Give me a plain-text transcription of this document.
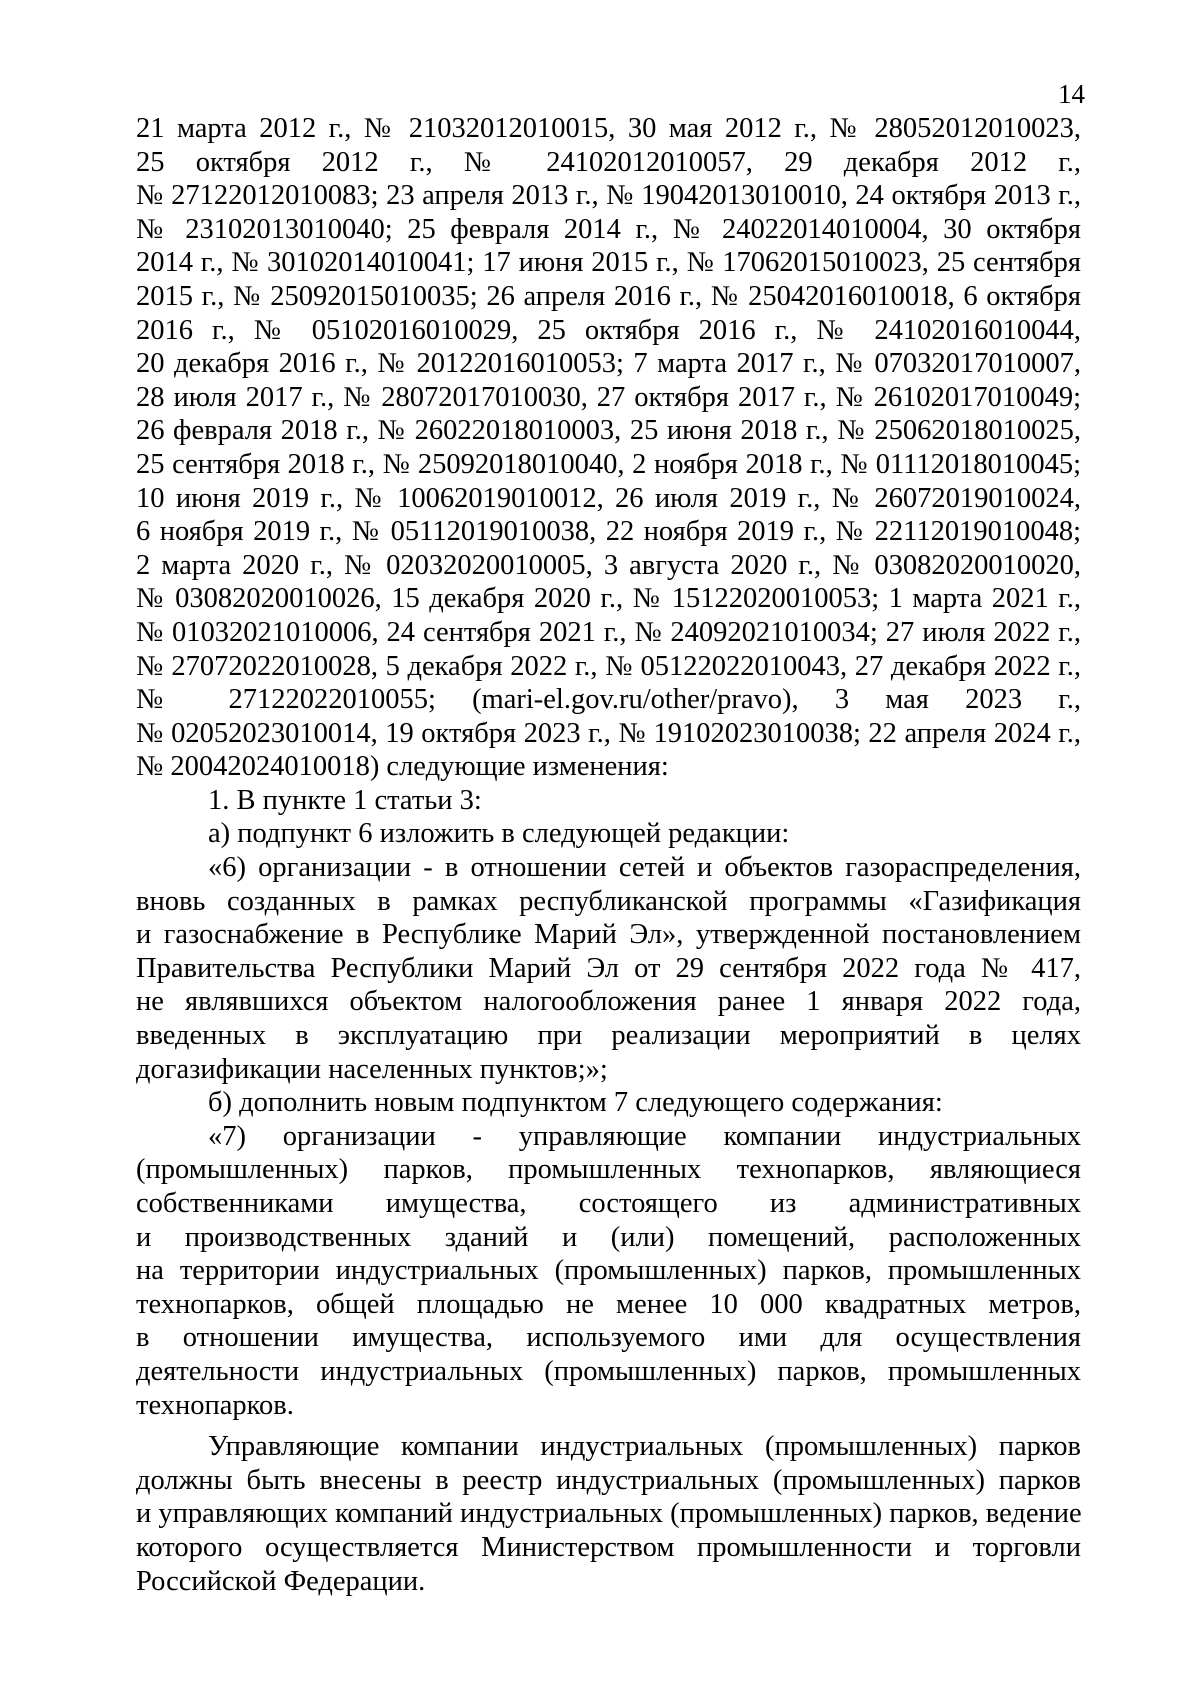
14
21 марта 2012 г., № 21032012010015, 30 мая 2012 г., № 28052012010023,
25 октября 2012 г., № 24102012010057, 29 декабря 2012 г.,
№ 27122012010083; 23 апреля 2013 г., № 19042013010010, 24 октября 2013 г.,
№ 23102013010040; 25 февраля 2014 г., № 24022014010004, 30 октября
2014 г., № 30102014010041; 17 июня 2015 г., № 17062015010023, 25 сентября
2015 г., № 25092015010035; 26 апреля 2016 г., № 25042016010018, 6 октября
2016 г., № 05102016010029, 25 октября 2016 г., № 24102016010044,
20 декабря 2016 г., № 20122016010053; 7 марта 2017 г., № 07032017010007,
28 июля 2017 г., № 28072017010030, 27 октября 2017 г., № 26102017010049;
26 февраля 2018 г., № 26022018010003, 25 июня 2018 г., № 25062018010025,
25 сентября 2018 г., № 25092018010040, 2 ноября 2018 г., № 01112018010045;
10 июня 2019 г., № 10062019010012, 26 июля 2019 г., № 26072019010024,
6 ноября 2019 г., № 05112019010038, 22 ноября 2019 г., № 22112019010048;
2 марта 2020 г., № 02032020010005, 3 августа 2020 г., № 03082020010020,
№ 03082020010026, 15 декабря 2020 г., № 15122020010053; 1 марта 2021 г.,
№ 01032021010006, 24 сентября 2021 г., № 24092021010034; 27 июля 2022 г.,
№ 27072022010028, 5 декабря 2022 г., № 05122022010043, 27 декабря 2022 г.,
№ 27122022010055; (mari-el.gov.ru/other/pravo), 3 мая 2023 г.,
№ 02052023010014, 19 октября 2023 г., № 19102023010038; 22 апреля 2024 г.,
№ 20042024010018) следующие изменения:
1. В пункте 1 статьи 3:
а) подпункт 6 изложить в следующей редакции:
«6) организации - в отношении сетей и объектов газораспределения,
вновь созданных в рамках республиканской программы «Газификация
и газоснабжение в Республике Марий Эл», утвержденной постановлением
Правительства Республики Марий Эл от 29 сентября 2022 года № 417,
не являвшихся объектом налогообложения ранее 1 января 2022 года,
введенных в эксплуатацию при реализации мероприятий в целях
догазификации населенных пунктов;»;
б) дополнить новым подпунктом 7 следующего содержания:
«7) организации - управляющие компании индустриальных
(промышленных) парков, промышленных технопарков, являющиеся
собственниками имущества, состоящего из административных
и производственных зданий и (или) помещений, расположенных
на территории индустриальных (промышленных) парков, промышленных
технопарков, общей площадью не менее 10 000 квадратных метров,
в отношении имущества, используемого ими для осуществления
деятельности индустриальных (промышленных) парков, промышленных
технопарков.
Управляющие компании индустриальных (промышленных) парков
должны быть внесены в реестр индустриальных (промышленных) парков
и управляющих компаний индустриальных (промышленных) парков, ведение
которого осуществляется Министерством промышленности и торговли
Российской Федерации.
